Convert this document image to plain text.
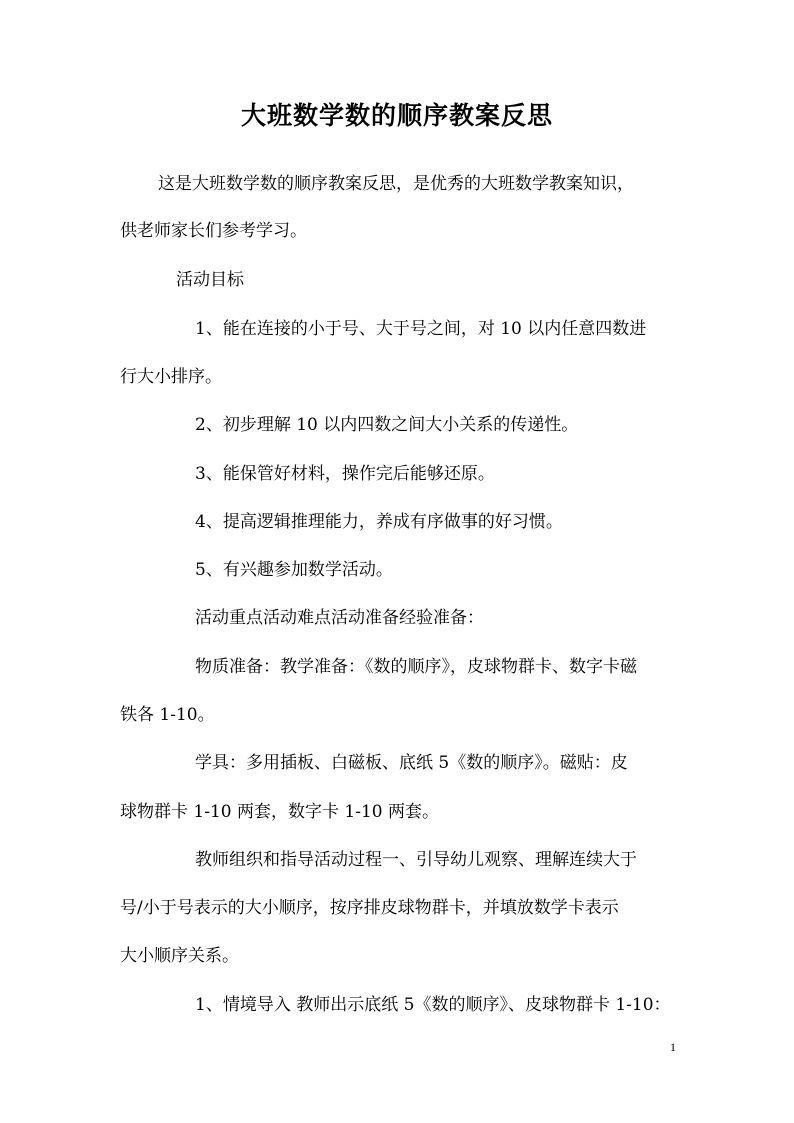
大班数学数的顺序教案反思

这是大班数学数的顺序教案反思，是优秀的大班数学教案知识，

供老师家长们参考学习。

活动目标

1、能在连接的小于号、大于号之间，对 10 以内任意四数进

行大小排序。

2、初步理解 10 以内四数之间大小关系的传递性。

3、能保管好材料，操作完后能够还原。

4、提高逻辑推理能力，养成有序做事的好习惯。

5、有兴趣参加数学活动。

活动重点活动难点活动准备经验准备：

物质准备：教学准备：《数的顺序》，皮球物群卡、数字卡磁

铁各 1-10。

学具：多用插板、白磁板、底纸 5《数的顺序》。磁贴：皮

球物群卡 1-10 两套，数字卡 1-10 两套。

教师组织和指导活动过程一、引导幼儿观察、理解连续大于

号/小于号表示的大小顺序，按序排皮球物群卡，并填放数学卡表示

大小顺序关系。

1、情境导入 教师出示底纸 5《数的顺序》、皮球物群卡 1-10：

1
